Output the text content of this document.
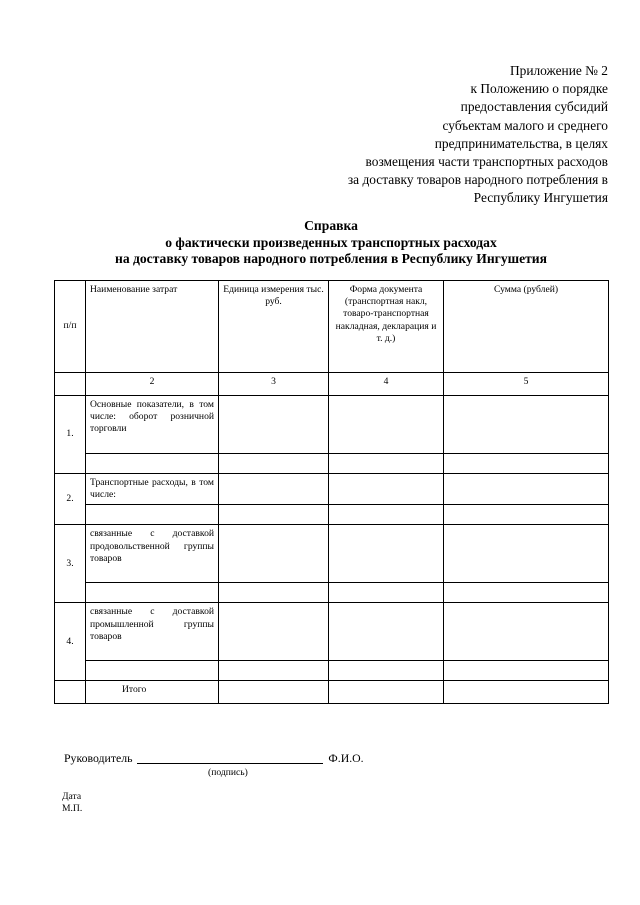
Приложение № 2
к Положению о порядке
предоставления субсидий
субъектам малого и среднего
предпринимательства, в целях
возмещения части транспортных расходов
за доставку товаров народного потребления в
Республику Ингушетия
Справка
о фактически произведенных транспортных расходах
на доставку товаров народного потребления в Республику Ингушетия
п/п	Наименование затрат	Единица измерения тыс. руб.	Форма документа (транспортная накл, товаро-транспортная накладная, декларация и т. д.)	Сумма (рублей)
	2	3	4	5
1.	Основные показатели, в том числе: оборот розничной торговли			

2.	Транспортные расходы, в том числе:			

3.	связанные с доставкой продовольственной группы товаров			

4.	связанные с доставкой промышленной группы товаров			

	Итого			
Руководитель	Ф.И.О.
(подпись)
Дата
М.П.
